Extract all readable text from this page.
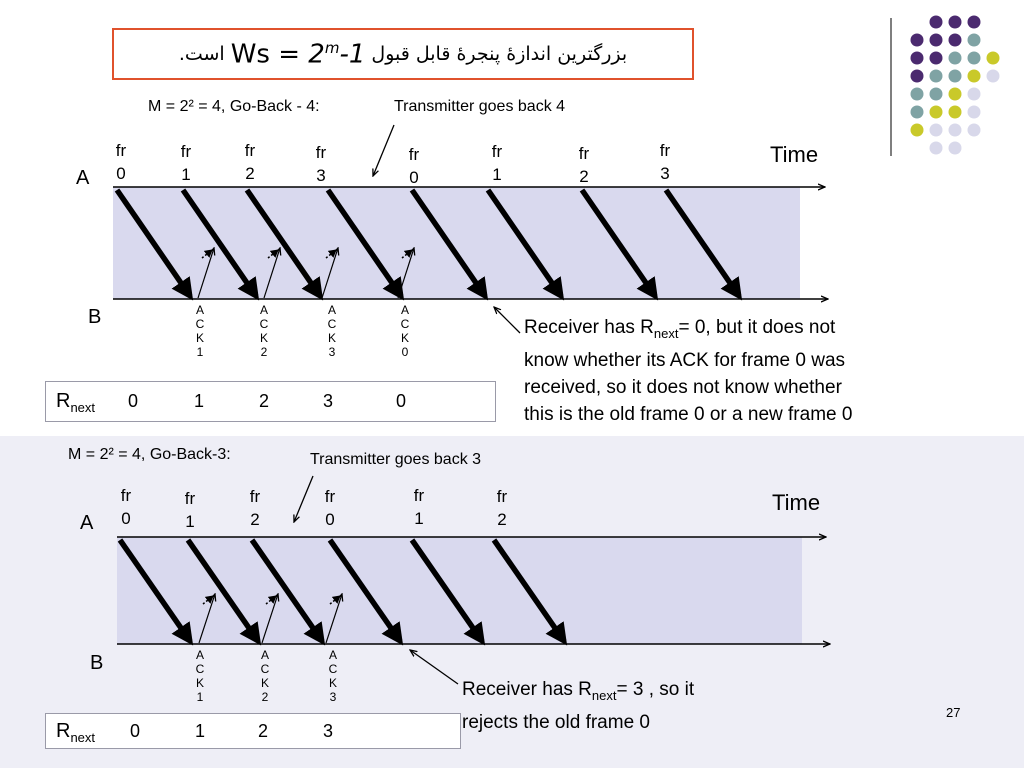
بزرگترین اندازۀ پنجرۀ قابل قبول
$Ws = 2^m-1$
است.
M = 2² = 4, Go-Back - 4:	Transmitter goes back 4
A
B
Time
$R_{next}$ 0	1	2	3	0
Receiver has $R_{next}= 0$, but it does not
know whether its ACK for frame 0 was
received, so it does not know whether
this is the old frame 0 or a new frame 0
M = 2² = 4, Go-Back-3:	Transmitter goes back 3
A
B
Time
$R_{next}$ 0	1	2	3
Receiver has $R_{next}= 3$ , so it
rejects the old frame 0	27
fr
0
fr
1
fr
2
fr
3
fr
0
fr
1
fr
2
fr
3
A
C
K
1
A
C
K
2
A
C
K
3
A
C
K
0
fr
0
fr
1
fr
2
fr
0
fr
1
fr
2
A
C
K
1
A
C
K
2
A
C
K
3
